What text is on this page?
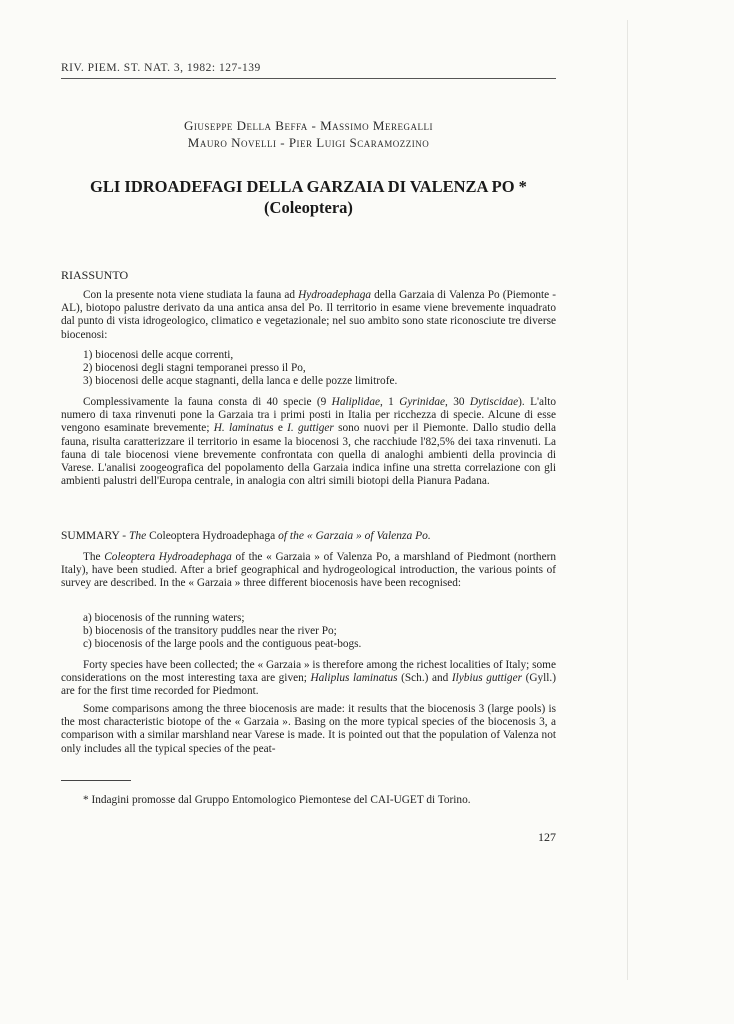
RIV. PIEM. ST. NAT. 3, 1982: 127-139
Giuseppe Della Beffa - Massimo Meregalli
Mauro Novelli - Pier Luigi Scaramozzino
GLI IDROADEFAGI DELLA GARZAIA DI VALENZA PO *
(Coleoptera)
RIASSUNTO
Con la presente nota viene studiata la fauna ad Hydroadephaga della Garzaia di Valenza Po (Piemonte - AL), biotopo palustre derivato da una antica ansa del Po. Il territorio in esame viene brevemente inquadrato dal punto di vista idrogeologico, climatico e vegetazionale; nel suo ambito sono state riconosciute tre diverse biocenosi:
1) biocenosi delle acque correnti,
2) biocenosi degli stagni temporanei presso il Po,
3) biocenosi delle acque stagnanti, della lanca e delle pozze limitrofe.
Complessivamente la fauna consta di 40 specie (9 Haliplidae, 1 Gyrinidae, 30 Dytiscidae). L'alto numero di taxa rinvenuti pone la Garzaia tra i primi posti in Italia per ricchezza di specie. Alcune di esse vengono esaminate brevemente; H. laminatus e I. guttiger sono nuovi per il Piemonte. Dallo studio della fauna, risulta caratterizzare il territorio in esame la biocenosi 3, che racchiude l'82,5% dei taxa rinvenuti. La fauna di tale biocenosi viene brevemente confrontata con quella di analoghi ambienti della provincia di Varese. L'analisi zoogeografica del popolamento della Garzaia indica infine una stretta correlazione con gli ambienti palustri dell'Europa centrale, in analogia con altri simili biotopi della Pianura Padana.
SUMMARY - The Coleoptera Hydroadephaga of the « Garzaia » of Valenza Po.
The Coleoptera Hydroadephaga of the « Garzaia » of Valenza Po, a marshland of Piedmont (northern Italy), have been studied. After a brief geographical and hydrogeological introduction, the various points of survey are described. In the « Garzaia » three different biocenosis have been recognised:
a) biocenosis of the running waters;
b) biocenosis of the transitory puddles near the river Po;
c) biocenosis of the large pools and the contiguous peat-bogs.
Forty species have been collected; the « Garzaia » is therefore among the richest localities of Italy; some considerations on the most interesting taxa are given; Haliplus laminatus (Sch.) and Ilybius guttiger (Gyll.) are for the first time recorded for Piedmont.
Some comparisons among the three biocenosis are made: it results that the biocenosis 3 (large pools) is the most characteristic biotope of the « Garzaia ». Basing on the more typical species of the biocenosis 3, a comparison with a similar marshland near Varese is made. It is pointed out that the population of Valenza not only includes all the typical species of the peat-
* Indagini promosse dal Gruppo Entomologico Piemontese del CAI-UGET di Torino.
127
